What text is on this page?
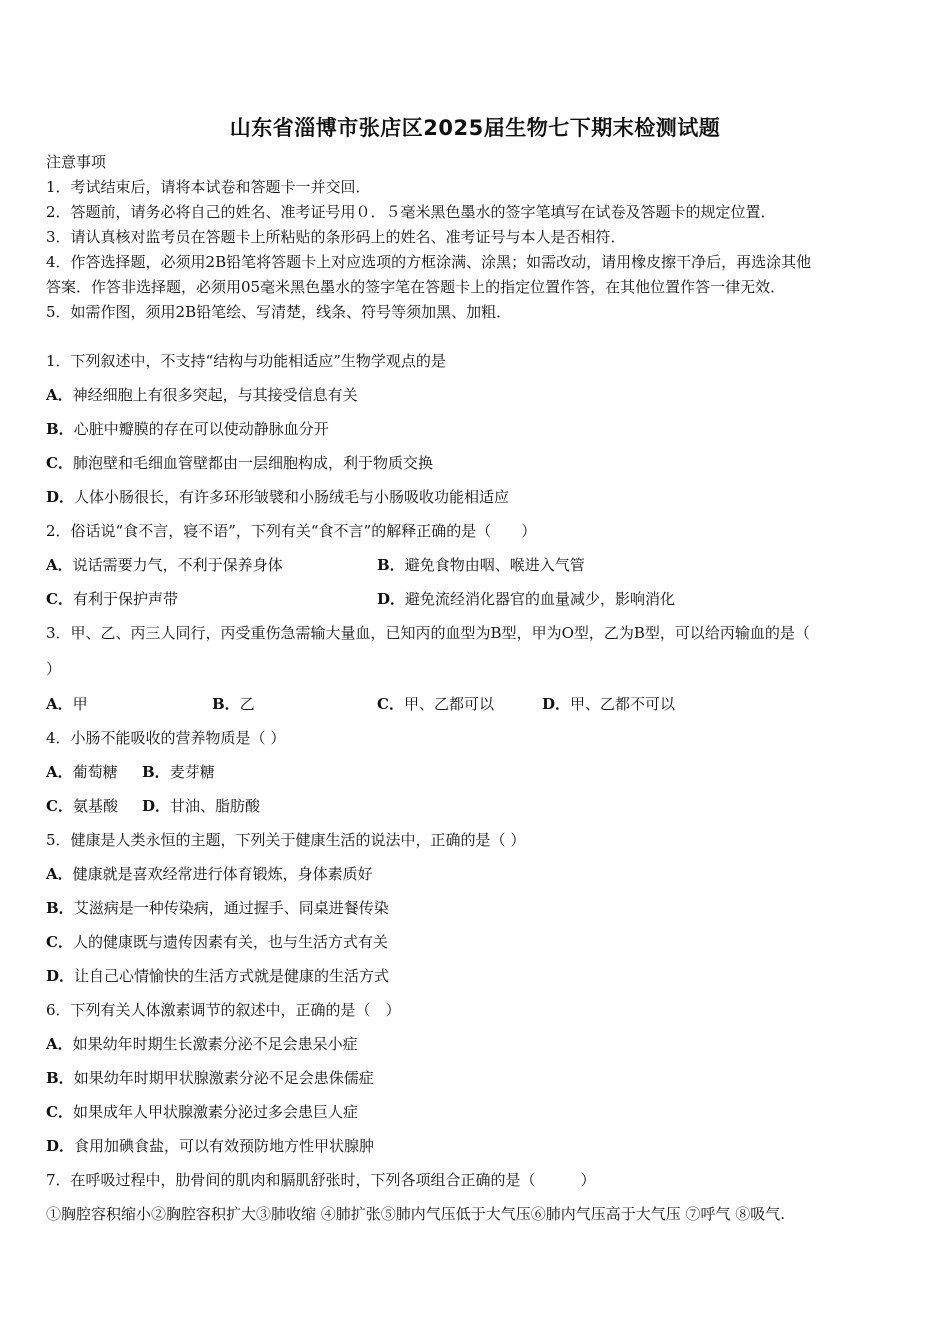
山东省淄博市张店区2025届生物七下期末检测试题
注意事项
1．考试结束后，请将本试卷和答题卡一并交回．
2．答题前，请务必将自己的姓名、准考证号用０．５毫米黑色墨水的签字笔填写在试卷及答题卡的规定位置．
3．请认真核对监考员在答题卡上所粘贴的条形码上的姓名、准考证号与本人是否相符．
4．作答选择题，必须用2B铅笔将答题卡上对应选项的方框涂满、涂黑；如需改动，请用橡皮擦干净后，再选涂其他
答案．作答非选择题，必须用05毫米黑色墨水的签字笔在答题卡上的指定位置作答，在其他位置作答一律无效．
5．如需作图，须用2B铅笔绘、写清楚，线条、符号等须加黑、加粗．
1．下列叙述中，不支持“结构与功能相适应”生物学观点的是
A．神经细胞上有很多突起，与其接受信息有关
B．心脏中瓣膜的存在可以使动静脉血分开
C．肺泡壁和毛细血管壁都由一层细胞构成，利于物质交换
D．人体小肠很长，有许多环形皱襞和小肠绒毛与小肠吸收功能相适应
2．俗话说“食不言，寝不语”，下列有关“食不言”的解释正确的是（　　）
A．说话需要力气，不利于保养身体	B．避免食物由咽、喉进入气管
C．有利于保护声带	D．避免流经消化器官的血量减少，影响消化
3．甲、乙、丙三人同行，丙受重伤急需输大量血，已知丙的血型为B型，甲为O型，乙为B型，可以给丙输血的是（
）
A．甲	B．乙	C．甲、乙都可以	D．甲、乙都不可以
4．小肠不能吸收的营养物质是（ ）
A．葡萄糖 B．麦芽糖
C．氨基酸 D．甘油、脂肪酸
5．健康是人类永恒的主题，下列关于健康生活的说法中，正确的是（ ）
A．健康就是喜欢经常进行体育锻炼，身体素质好
B．艾滋病是一种传染病，通过握手、同桌进餐传染
C．人的健康既与遗传因素有关，也与生活方式有关
D．让自己心情愉快的生活方式就是健康的生活方式
6．下列有关人体激素调节的叙述中，正确的是（　）
A．如果幼年时期生长激素分泌不足会患呆小症
B．如果幼年时期甲状腺激素分泌不足会患侏儒症
C．如果成年人甲状腺激素分泌过多会患巨人症
D．食用加碘食盐，可以有效预防地方性甲状腺肿
7．在呼吸过程中，肋骨间的肌肉和膈肌舒张时，下列各项组合正确的是（　　　）
①胸腔容积缩小②胸腔容积扩大③肺收缩 ④肺扩张⑤肺内气压低于大气压⑥肺内气压高于大气压 ⑦呼气 ⑧吸气.
